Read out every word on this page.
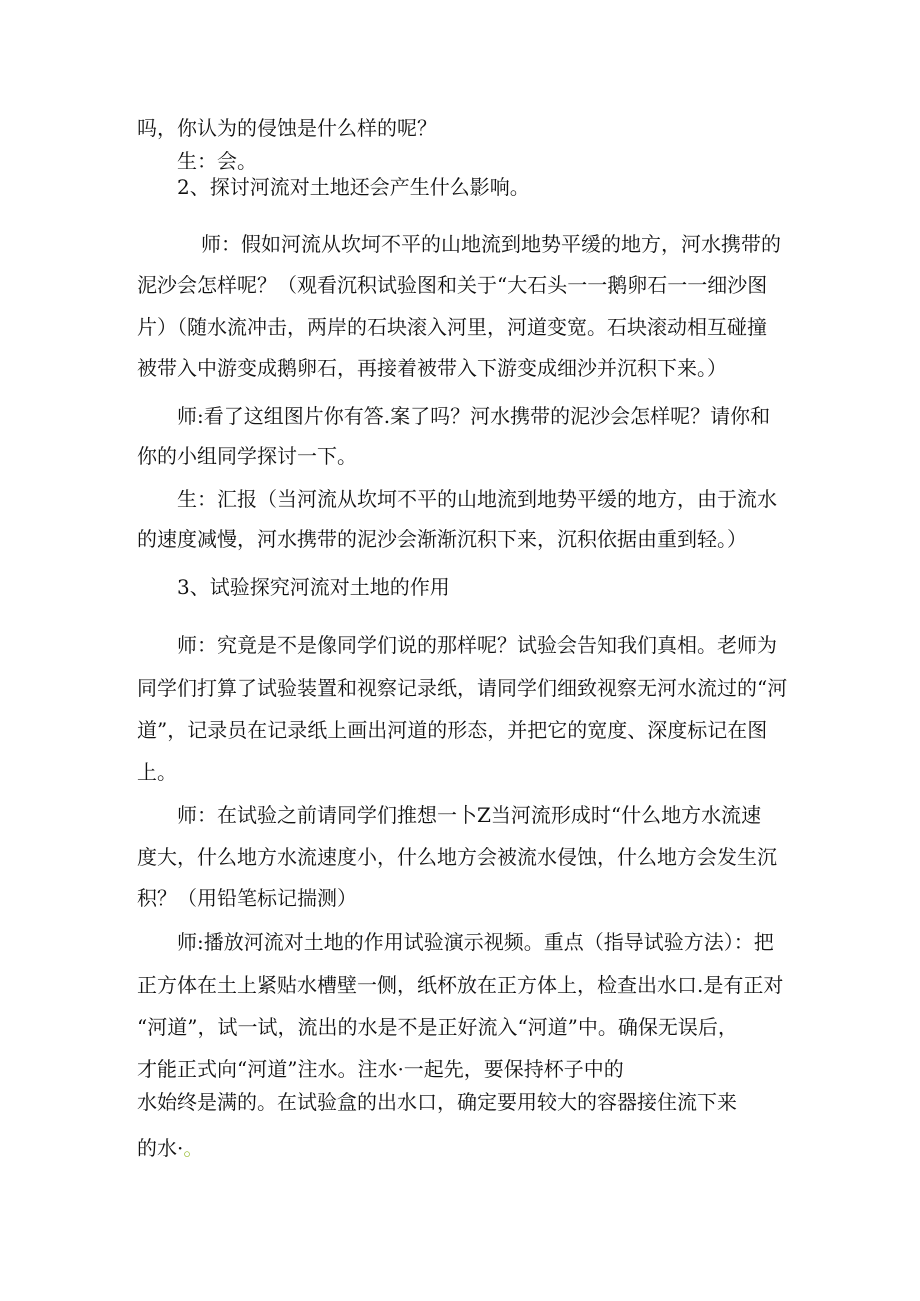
吗，你认为的侵蚀是什么样的呢？
生：会。
2、探讨河流对土地还会产生什么影响。
师：假如河流从坎坷不平的山地流到地势平缓的地方，河水携带的
泥沙会怎样呢？（观看沉积试验图和关于“大石头一一鹅卵石一一细沙图
片）（随水流冲击，两岸的石块滚入河里，河道变宽。石块滚动相互碰撞
被带入中游变成鹅卵石，再接着被带入下游变成细沙并沉积下来。）
师:看了这组图片你有答.案了吗？河水携带的泥沙会怎样呢？请你和
你的小组同学探讨一下。
生：汇报（当河流从坎坷不平的山地流到地势平缓的地方，由于流水
的速度减慢，河水携带的泥沙会渐渐沉积下来，沉积依据由重到轻。）
3、试验探究河流对土地的作用
师：究竟是不是像同学们说的那样呢？试验会告知我们真相。老师为
同学们打算了试验装置和视察记录纸，请同学们细致视察无河水流过的“河
道”，记录员在记录纸上画出河道的形态，并把它的宽度、深度标记在图
上。
师：在试验之前请同学们推想一卜Z当河流形成时“什么地方水流速
度大，什么地方水流速度小，什么地方会被流水侵蚀，什么地方会发生沉
积？（用铅笔标记揣测）
师:播放河流对土地的作用试验演示视频。重点（指导试验方法）：把
正方体在土上紧贴水槽壁一侧，纸杯放在正方体上，检查出水口.是有正对
“河道”，试一试，流出的水是不是正好流入“河道”中。确保无误后，
才能正式向“河道”注水。注水·一起先，要保持杯子中的
水始终是满的。在试验盒的出水口，确定要用较大的容器接住流下来
的水·。
